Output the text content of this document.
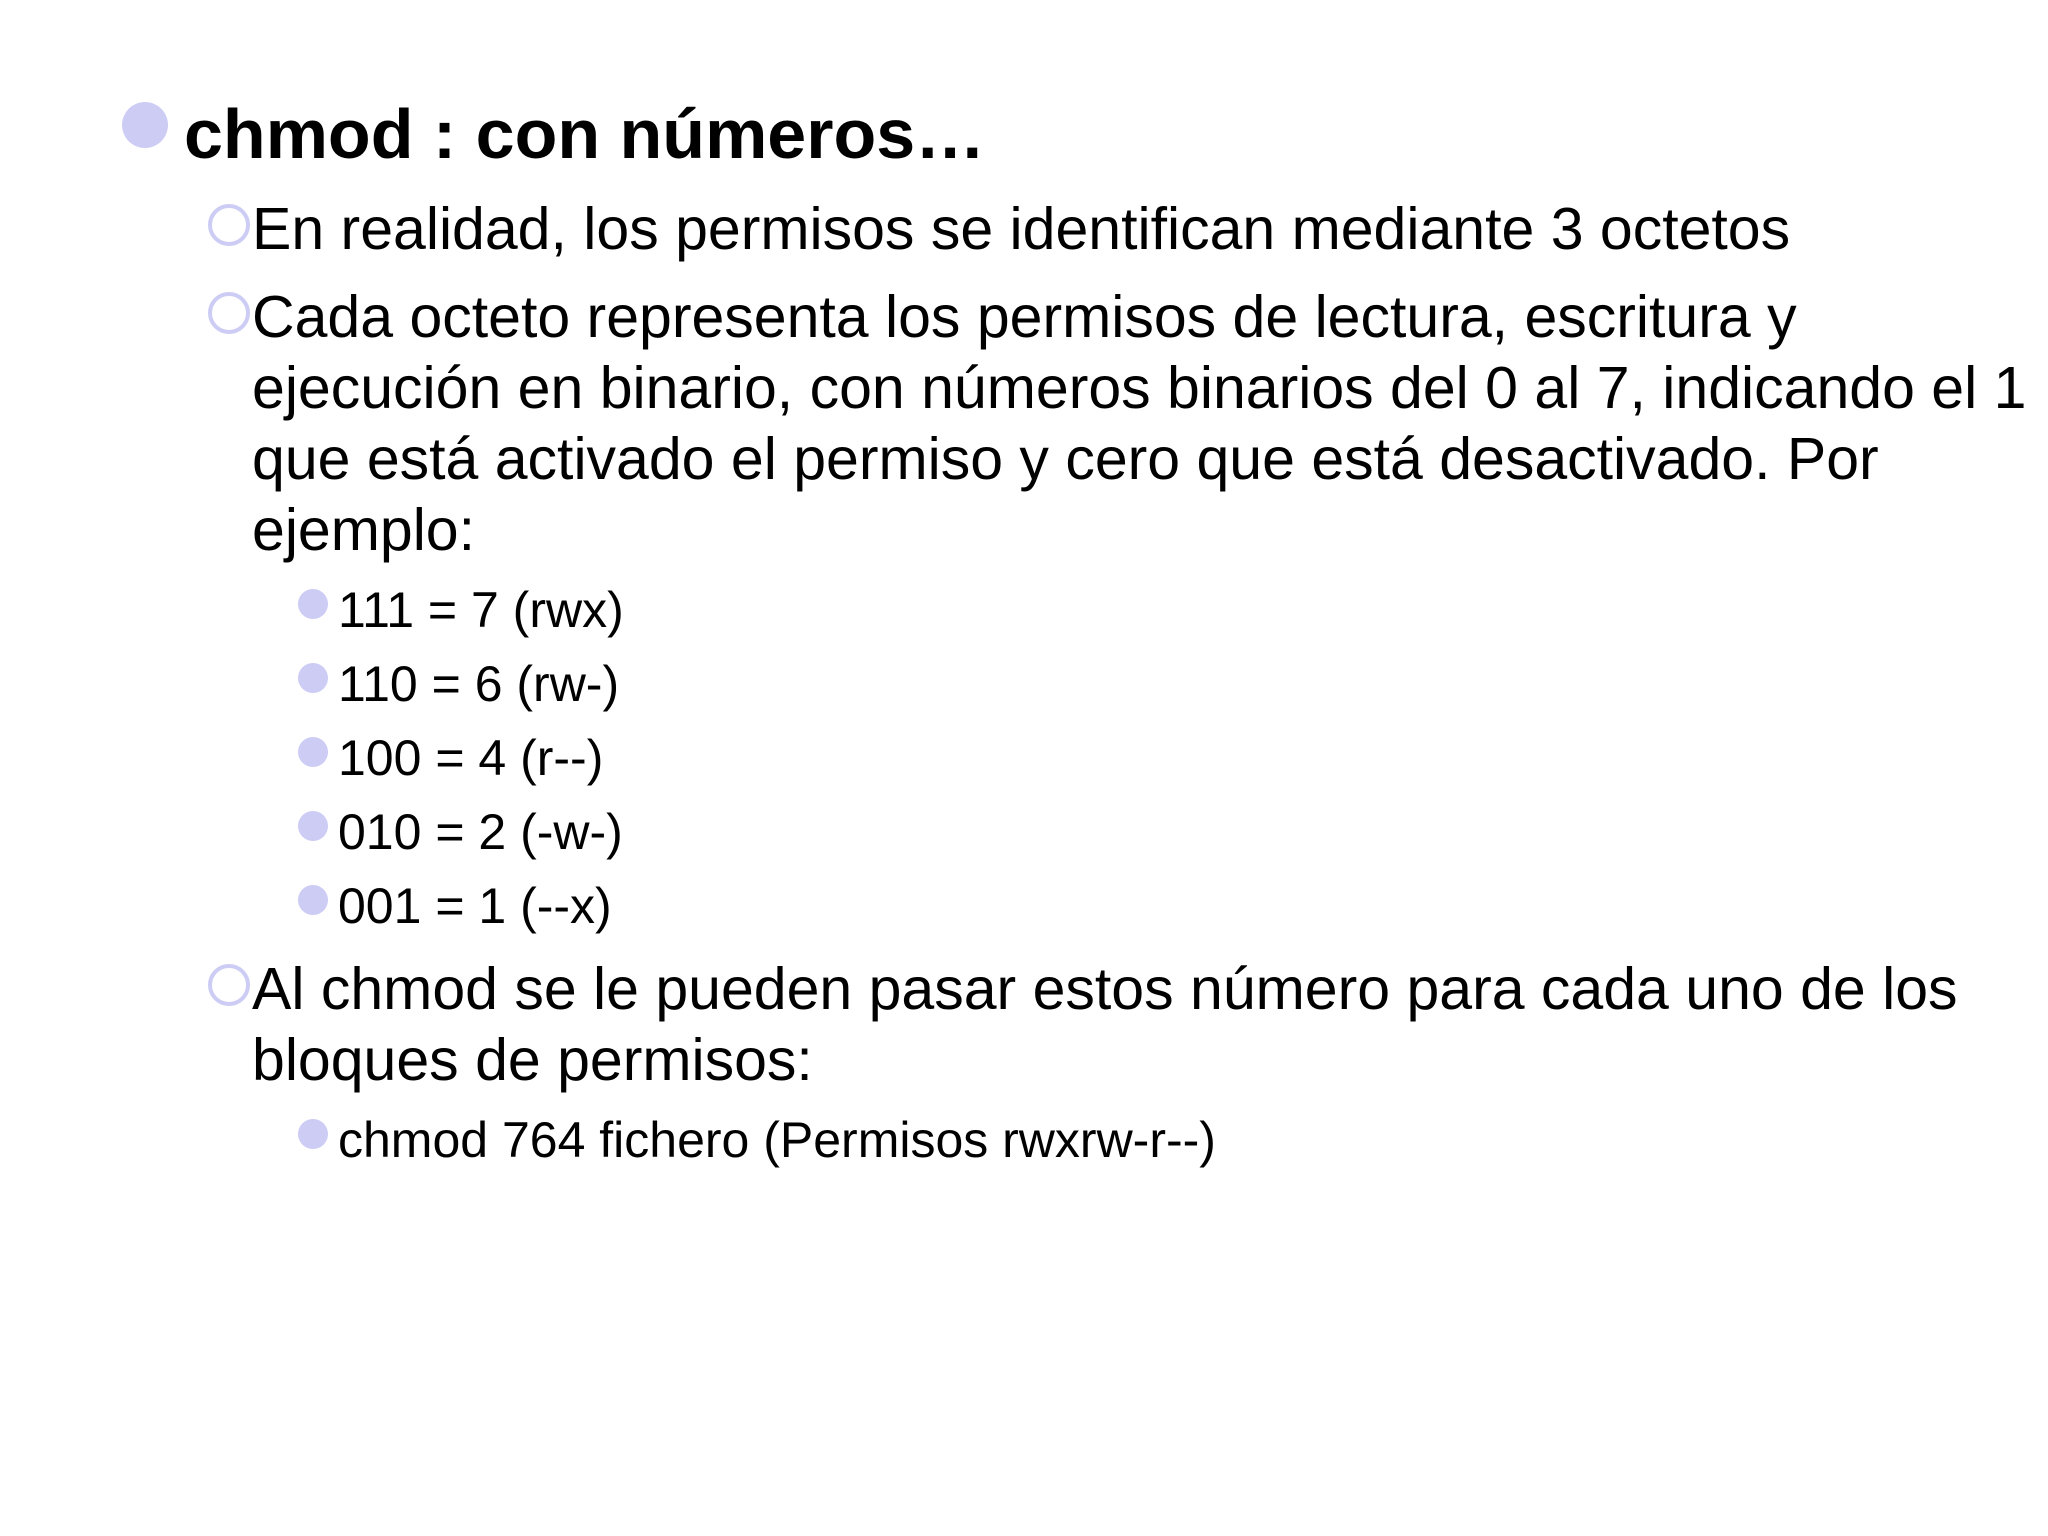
chmod : con números…
En realidad, los permisos se identifican mediante 3 octetos
Cada octeto representa los permisos de lectura, escritura y ejecución en binario, con números binarios del 0 al 7, indicando el 1 que está activado el permiso y cero que está desactivado. Por ejemplo:
111 = 7 (rwx)
110 = 6 (rw-)
100 = 4 (r--)
010 = 2 (-w-)
001 = 1 (--x)
Al chmod se le pueden pasar estos número para cada uno de los bloques de permisos:
chmod 764 fichero (Permisos rwxrw-r--)
